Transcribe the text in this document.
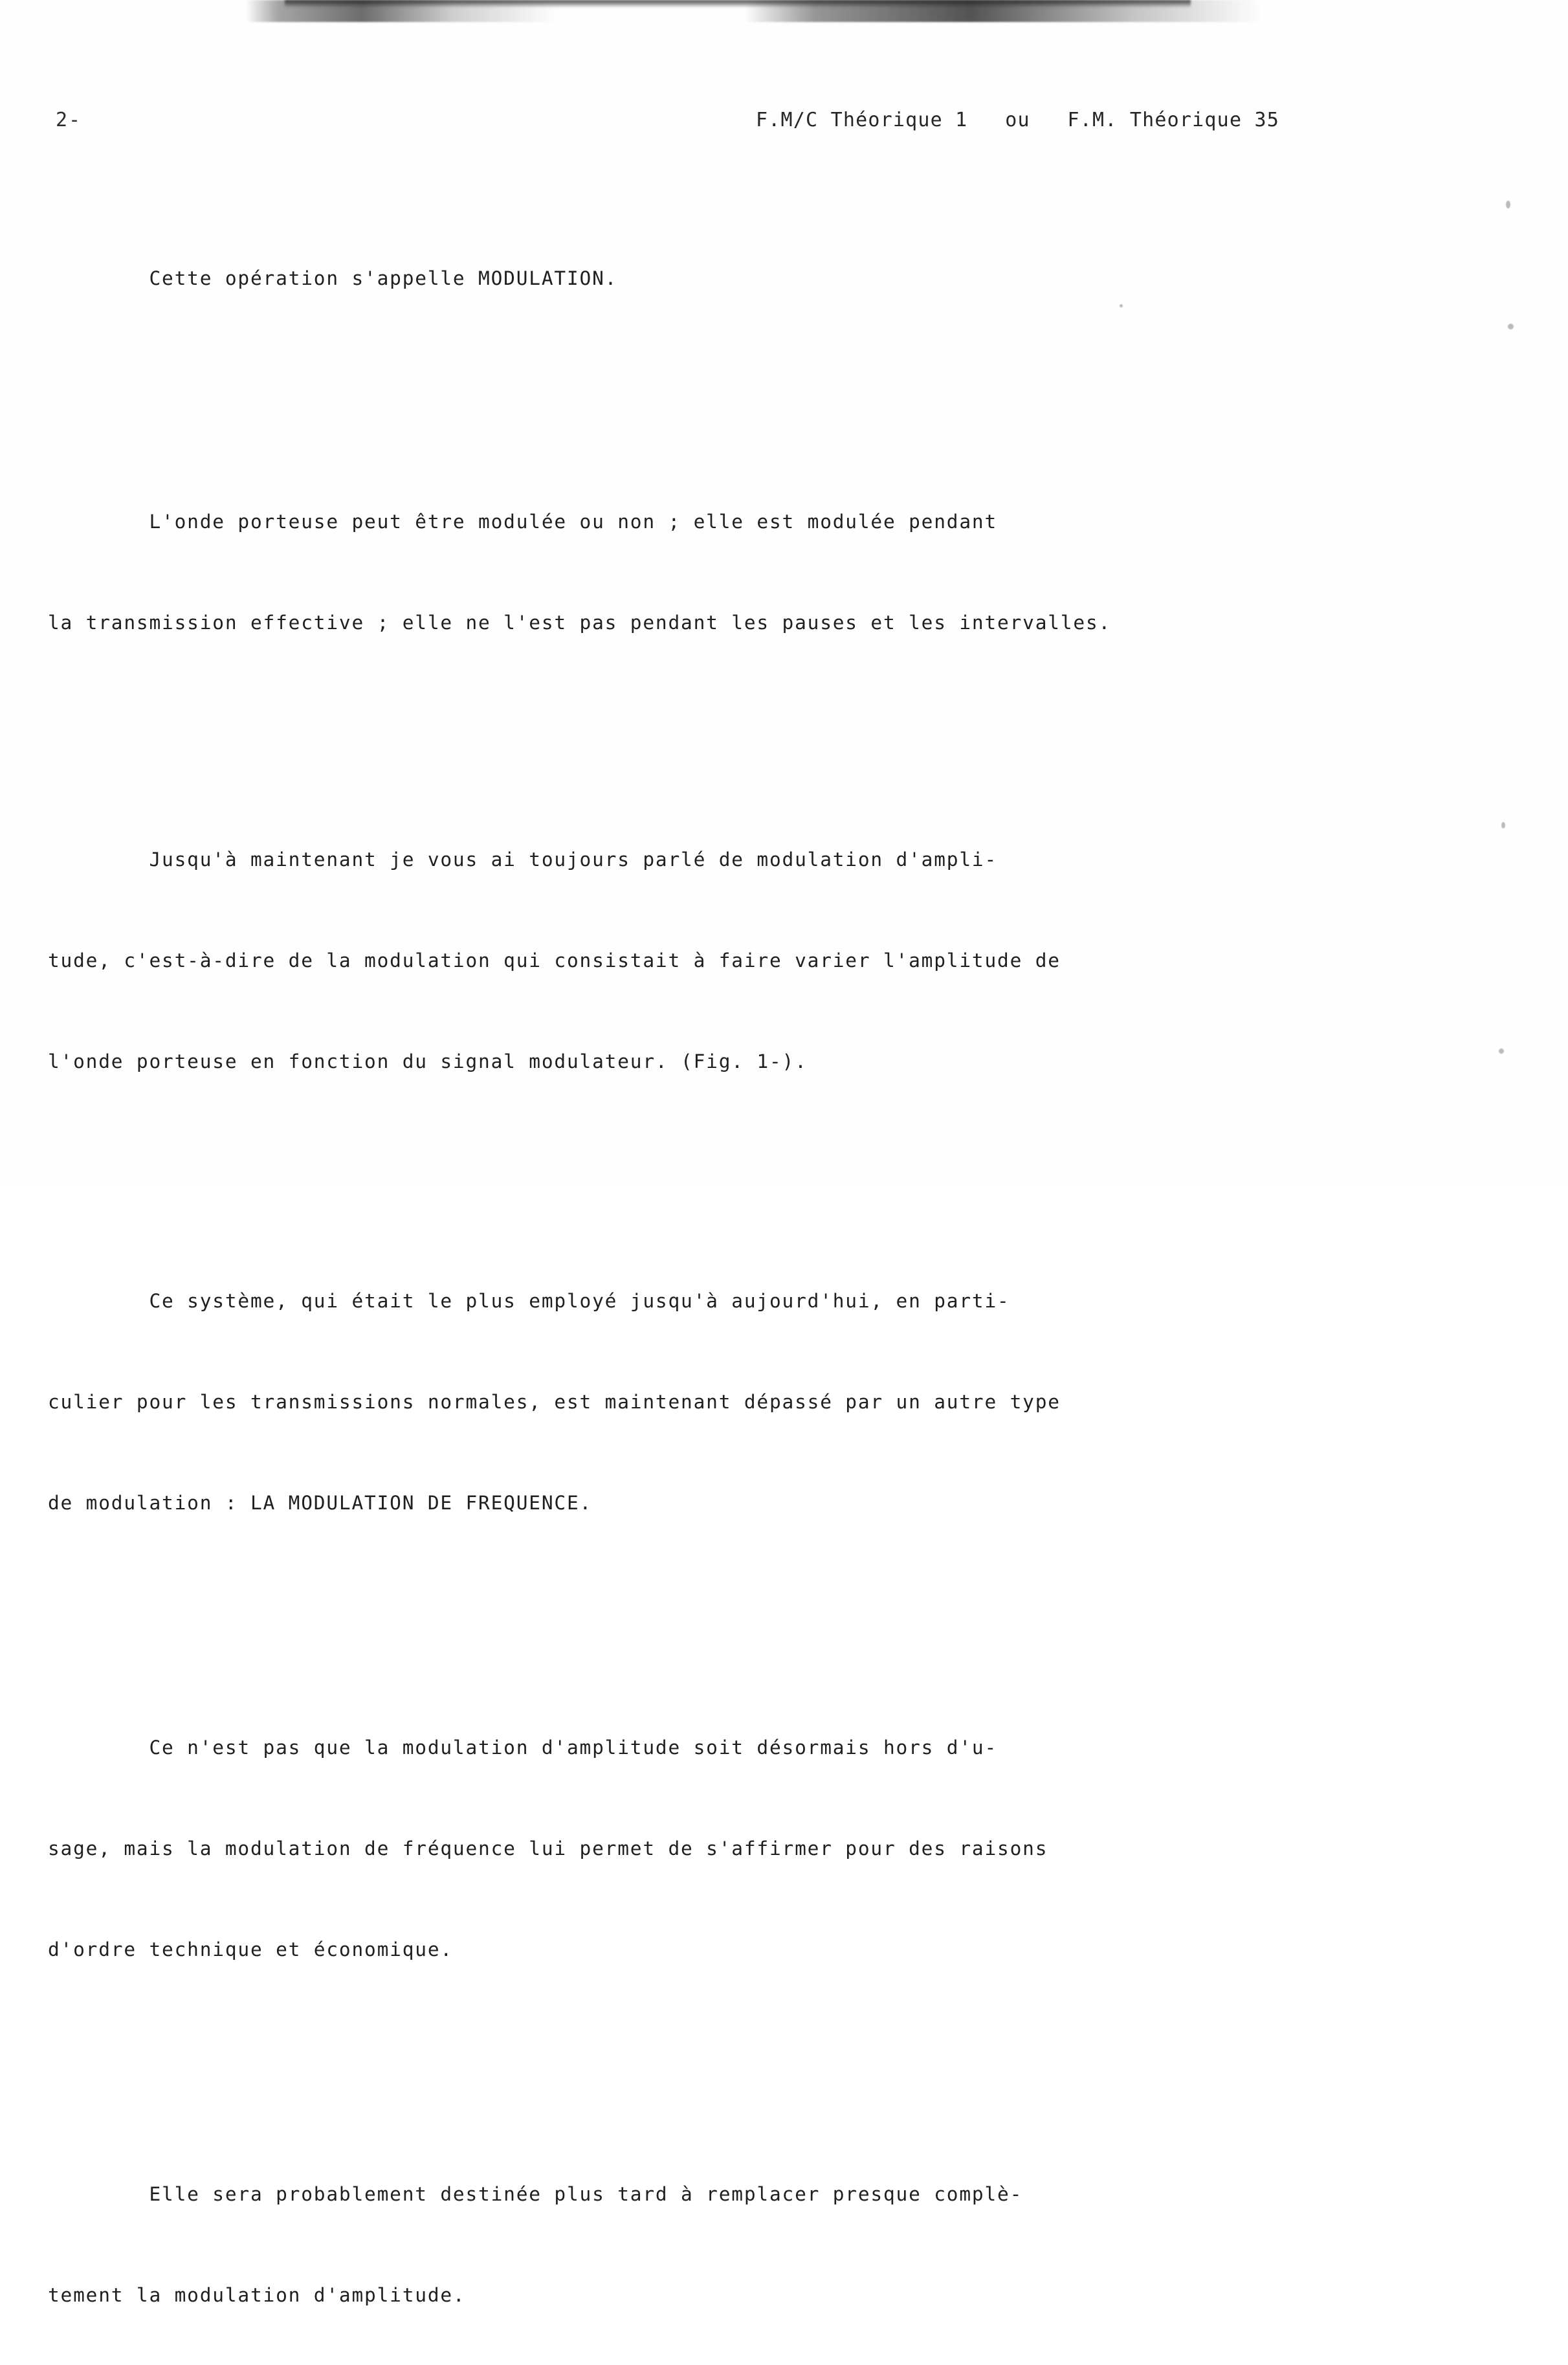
2-	F.M/C Théorique 1   ou   F.M. Théorique 35

Cette opération s'appelle MODULATION.

L'onde porteuse peut être modulée ou non ; elle est modulée pendant

la transmission effective ; elle ne l'est pas pendant les pauses et les intervalles.

Jusqu'à maintenant je vous ai toujours parlé de modulation d'ampli-

tude, c'est-à-dire de la modulation qui consistait à faire varier l'amplitude de

l'onde porteuse en fonction du signal modulateur. (Fig. 1-).

Ce système, qui était le plus employé jusqu'à aujourd'hui, en parti-

culier pour les transmissions normales, est maintenant dépassé par un autre type

de modulation : LA MODULATION DE FREQUENCE.

Ce n'est pas que la modulation d'amplitude soit désormais hors d'u-

sage, mais la modulation de fréquence lui permet de s'affirmer pour des raisons

d'ordre technique et économique.

Elle sera probablement destinée plus tard à remplacer presque complè-

tement la modulation d'amplitude.
